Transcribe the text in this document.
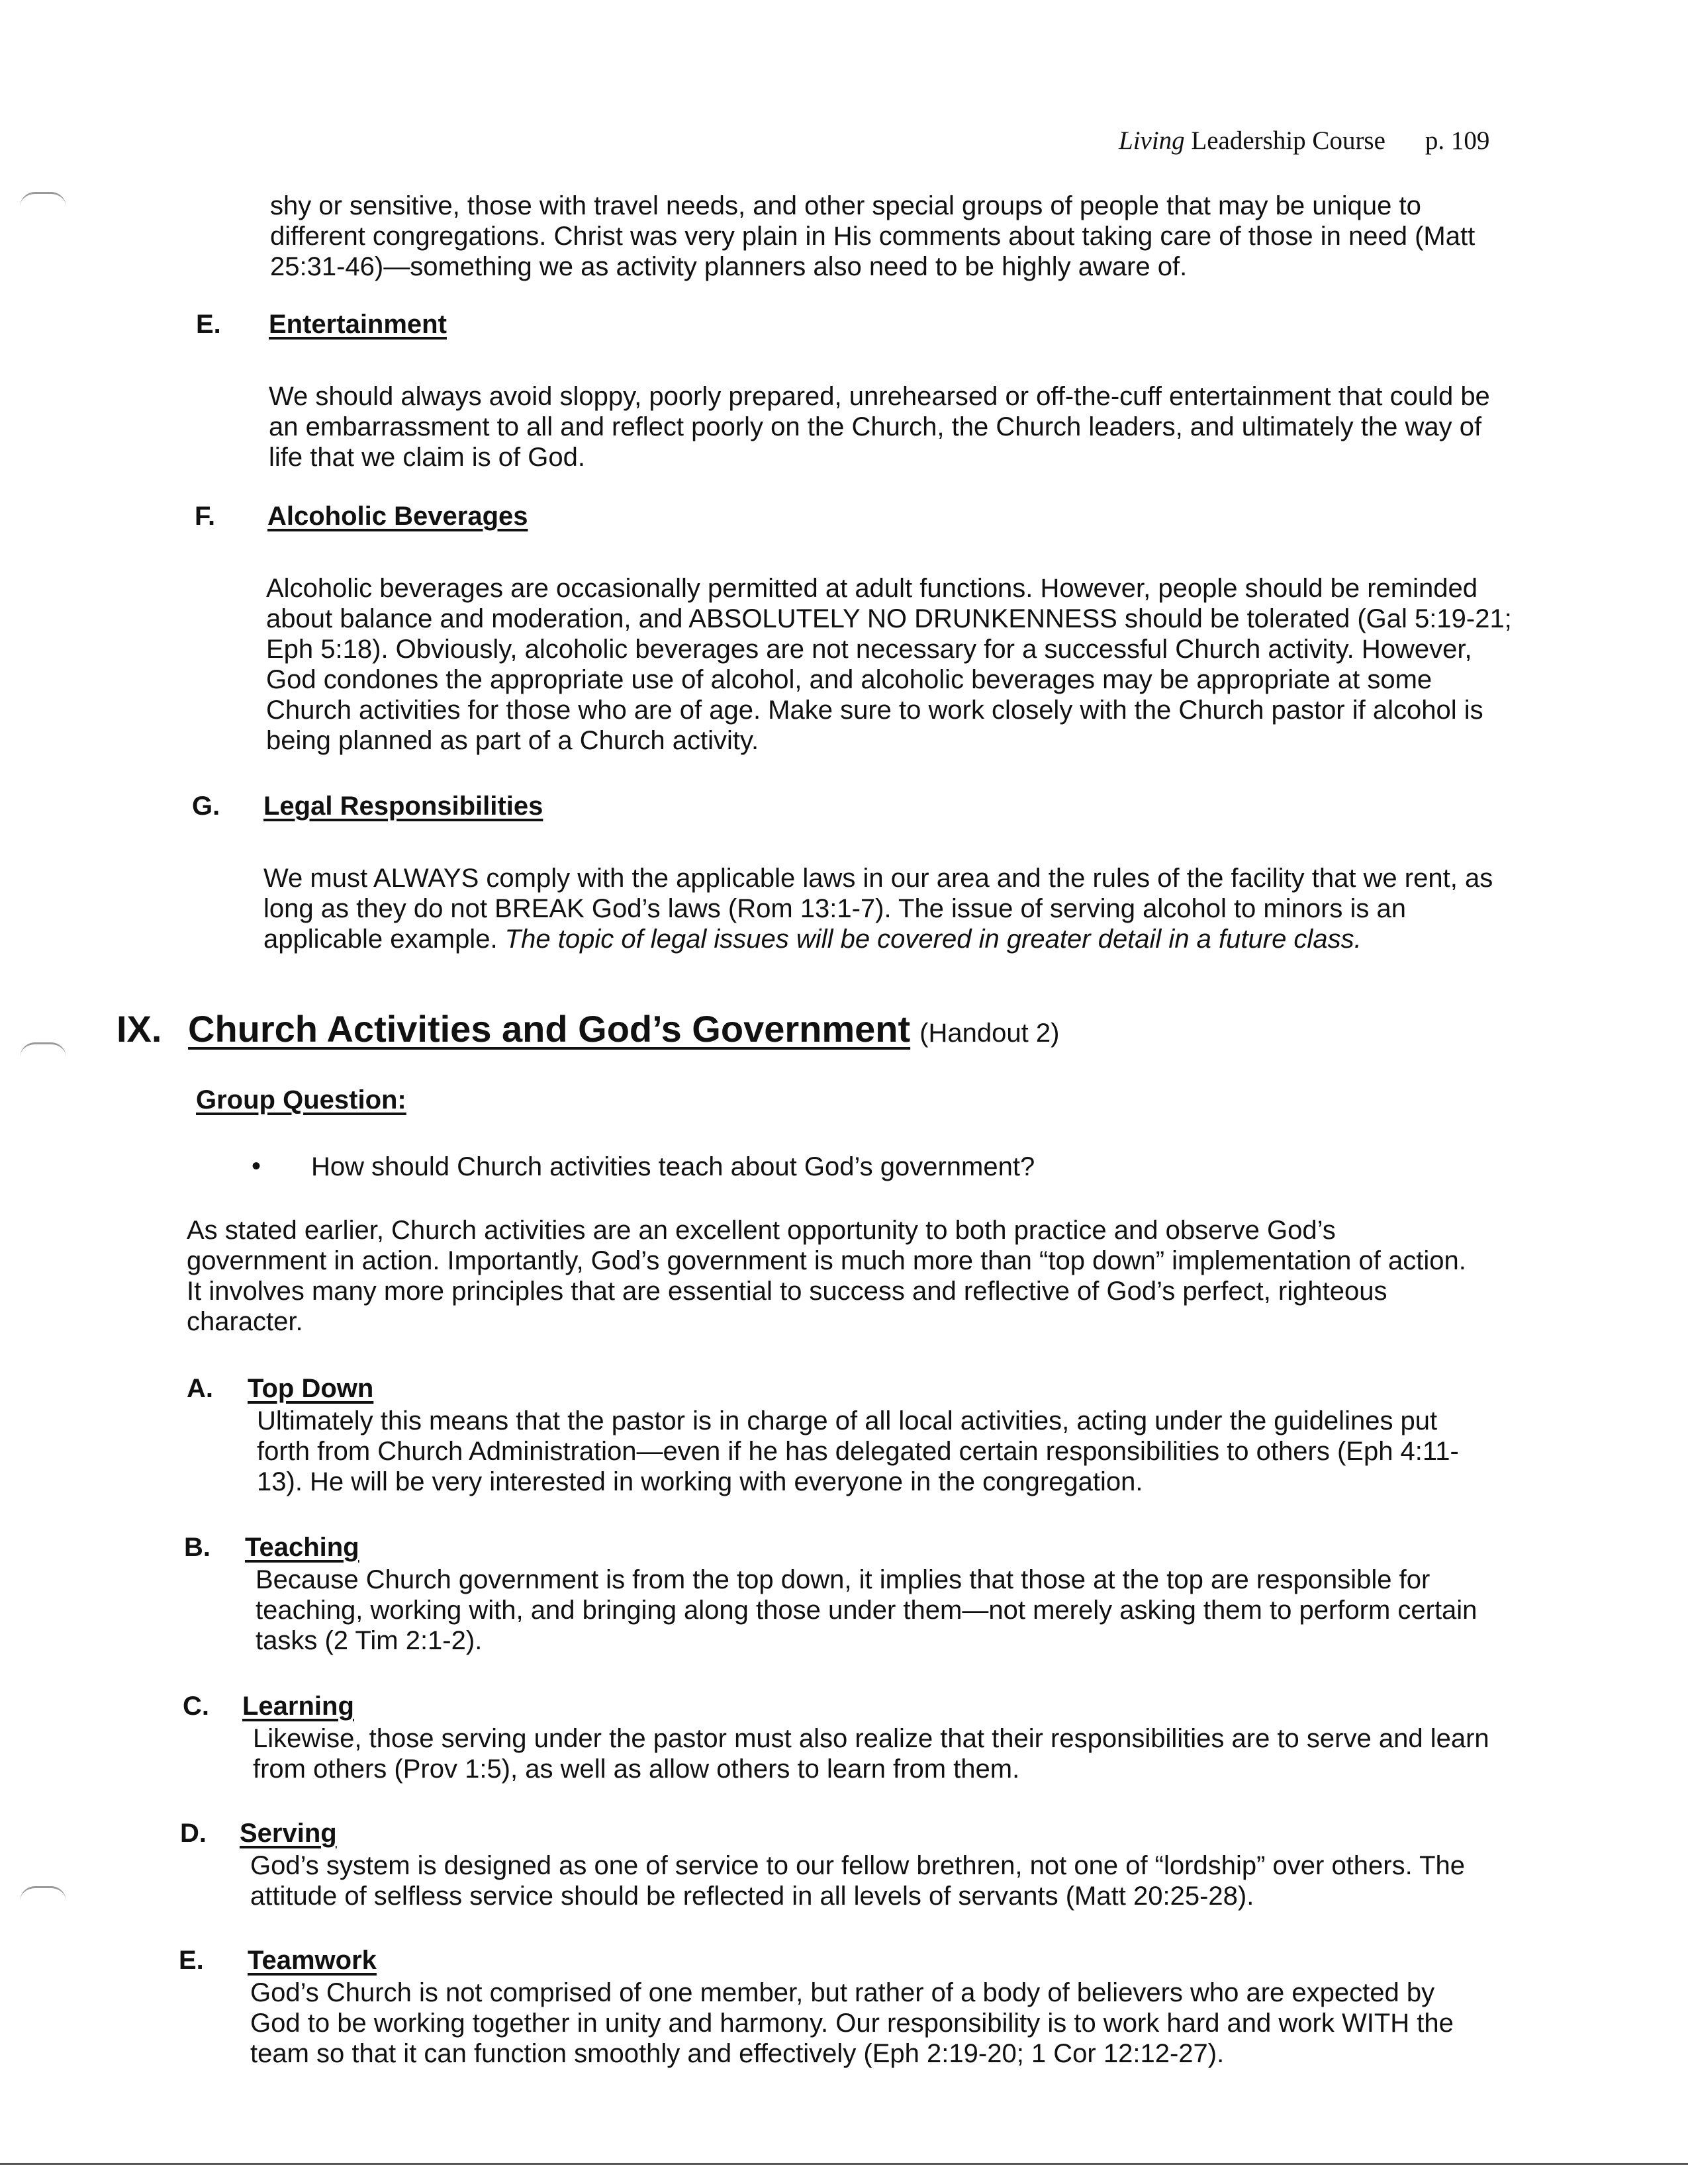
Living Leadership Course p. 109

shy or sensitive, those with travel needs, and other special groups of people that may be unique to different congregations. Christ was very plain in His comments about taking care of those in need (Matt 25:31-46)—something we as activity planners also need to be highly aware of.

E. Entertainment

We should always avoid sloppy, poorly prepared, unrehearsed or off-the-cuff entertainment that could be an embarrassment to all and reflect poorly on the Church, the Church leaders, and ultimately the way of life that we claim is of God.

F. Alcoholic Beverages

Alcoholic beverages are occasionally permitted at adult functions. However, people should be reminded about balance and moderation, and ABSOLUTELY NO DRUNKENNESS should be tolerated (Gal 5:19-21; Eph 5:18). Obviously, alcoholic beverages are not necessary for a successful Church activity. However, God condones the appropriate use of alcohol, and alcoholic beverages may be appropriate at some Church activities for those who are of age. Make sure to work closely with the Church pastor if alcohol is being planned as part of a Church activity.

G. Legal Responsibilities

We must ALWAYS comply with the applicable laws in our area and the rules of the facility that we rent, as long as they do not BREAK God’s laws (Rom 13:1-7). The issue of serving alcohol to minors is an applicable example. The topic of legal issues will be covered in greater detail in a future class.

IX. Church Activities and God’s Government (Handout 2)
Group Question:
• How should Church activities teach about God’s government?

As stated earlier, Church activities are an excellent opportunity to both practice and observe God’s government in action. Importantly, God’s government is much more than “top down” implementation of action. It involves many more principles that are essential to success and reflective of God’s perfect, righteous character.

A. Top Down

Ultimately this means that the pastor is in charge of all local activities, acting under the guidelines put forth from Church Administration—even if he has delegated certain responsibilities to others (Eph 4:11-13). He will be very interested in working with everyone in the congregation.

B. Teaching

Because Church government is from the top down, it implies that those at the top are responsible for teaching, working with, and bringing along those under them—not merely asking them to perform certain tasks (2 Tim 2:1-2).

C. Learning

Likewise, those serving under the pastor must also realize that their responsibilities are to serve and learn from others (Prov 1:5), as well as allow others to learn from them.

D. Serving

God’s system is designed as one of service to our fellow brethren, not one of “lordship” over others. The attitude of selfless service should be reflected in all levels of servants (Matt 20:25-28).

E. Teamwork

God’s Church is not comprised of one member, but rather of a body of believers who are expected by God to be working together in unity and harmony. Our responsibility is to work hard and work WITH the team so that it can function smoothly and effectively (Eph 2:19-20; 1 Cor 12:12-27).
